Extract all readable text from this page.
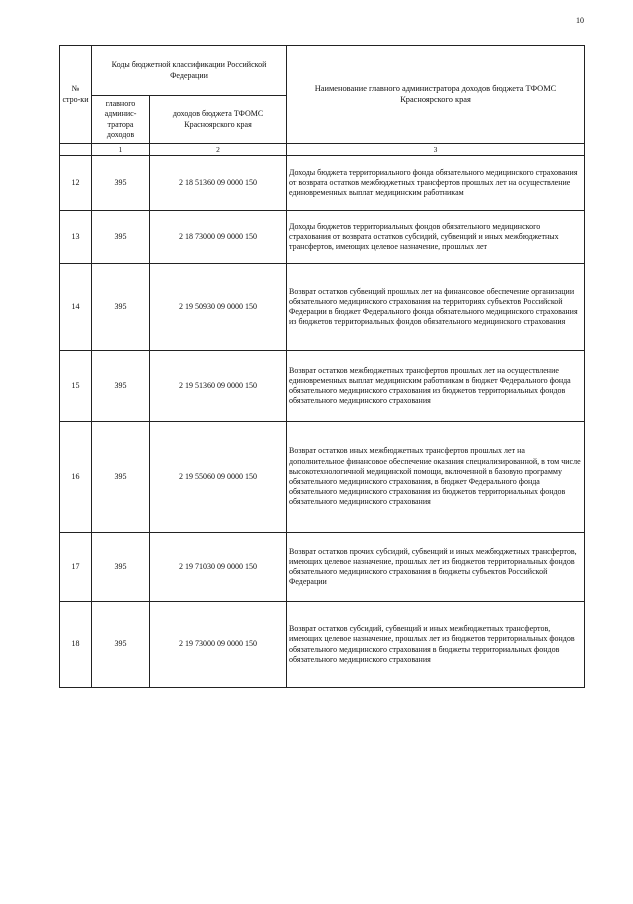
10
№ стро-ки	Коды бюджетной классификации Российской Федерации		Наименование главного администратора доходов бюджета ТФОМС Красноярского края
	главного админис-тратора доходов	доходов бюджета ТФОМС Красноярского края	
	1	2	3
12	395	2 18 51360 09 0000 150	Доходы бюджета территориального фонда обязательного медицинского страхования от возврата остатков межбюджетных трансфертов прошлых лет на осуществление единовременных выплат медицинским работникам
13	395	2 18 73000 09 0000 150	Доходы бюджетов территориальных фондов обязательного медицинского страхования от возврата остатков субсидий, субвенций и иных межбюджетных трансфертов, имеющих целевое назначение, прошлых лет
14	395	2 19 50930 09 0000 150	Возврат остатков субвенций прошлых лет на финансовое обеспечение организации обязательного медицинского страхования на территориях субъектов Российской Федерации в бюджет Федерального фонда обязательного медицинского страхования из бюджетов территориальных фондов обязательного медицинского страхования
15	395	2 19 51360 09 0000 150	Возврат остатков межбюджетных трансфертов прошлых лет на осуществление единовременных выплат медицинским работникам в бюджет Федерального фонда обязательного медицинского страхования из бюджетов территориальных фондов обязательного медицинского страхования
16	395	2 19 55060 09 0000 150	Возврат остатков иных межбюджетных трансфертов прошлых лет на дополнительное финансовое обеспечение оказания специализированной, в том числе высокотехнологичной медицинской помощи, включенной в базовую программу обязательного медицинского страхования, в бюджет Федерального фонда обязательного медицинского страхования из бюджетов территориальных фондов обязательного медицинского страхования
17	395	2 19 71030 09 0000 150	Возврат остатков прочих субсидий, субвенций и иных межбюджетных трансфертов, имеющих целевое назначение, прошлых лет из бюджетов территориальных фондов обязательного медицинского страхования в бюджеты субъектов Российской Федерации
18	395	2 19 73000 09 0000 150	Возврат остатков субсидий, субвенций и иных межбюджетных трансфертов, имеющих целевое назначение, прошлых лет из бюджетов территориальных фондов обязательного медицинского страхования в бюджеты территориальных фондов обязательного медицинского страхования
